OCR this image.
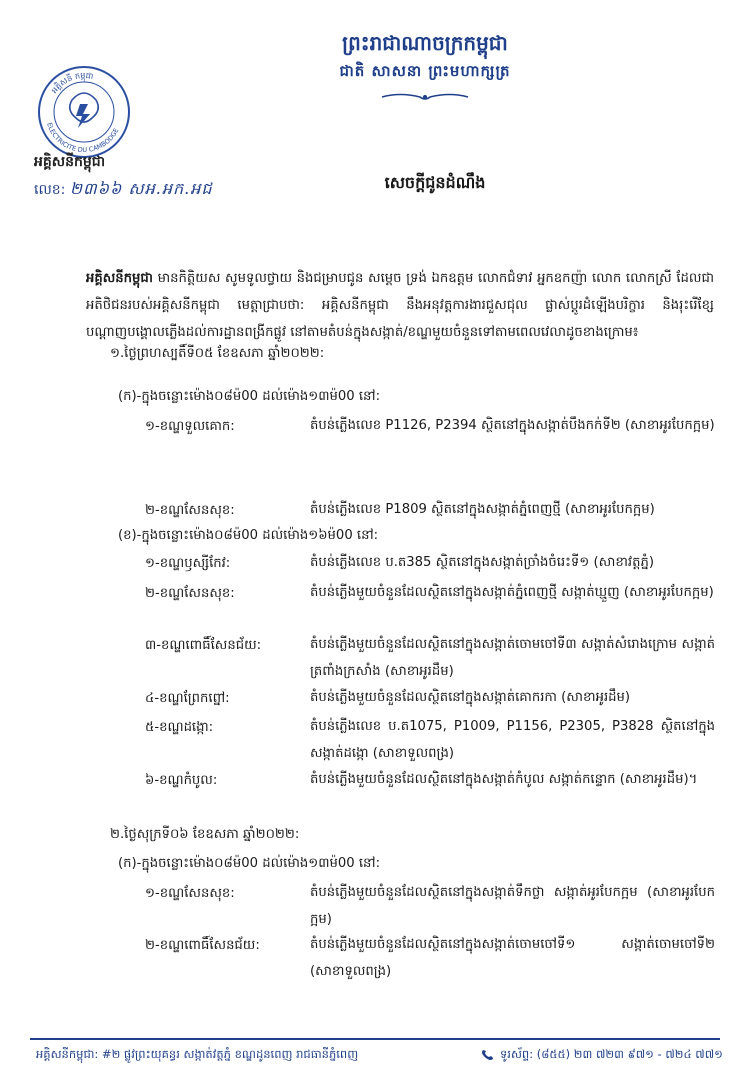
ព្រះរាជាណាចក្រកម្ពុជា
ជាតិ សាសនា ព្រះមហាក្សត្រ
អគ្គិសនី កម្ពុជា
ELECTRICITE DU CAMBODGE
អគ្គិសនីកម្ពុជា
លេខ: ២៣៦៦ សអ.អក.អជ	សេចក្តីជូនដំណឹង
អគ្គិសនីកម្ពុជា មានកិត្តិយស សូមទូលថ្វាយ និងជម្រាបជូន សម្តេច ទ្រង់ ឯកឧត្តម លោកជំទាវ អ្នកឧកញ៉ា លោក លោកស្រី ដែលជាអតិថិជនរបស់អគ្គិសនីកម្ពុជា មេត្តាជ្រាបថា: អគ្គិសនីកម្ពុជា នឹងអនុវត្តការងារជួសជុល ផ្លាស់ប្តូរដំឡើងបរិក្ខារ និងរុះរើខ្សែបណ្តាញបង្គោលភ្លើងដល់ការដ្ឋានពង្រីកផ្លូវ នៅតាមតំបន់ក្នុងសង្កាត់/ខណ្ឌមួយចំនួនទៅតាមពេលវេលាដូចខាងក្រោម៖
១.ថ្ងៃព្រហស្បតិ៍ទី០៥ ខែឧសភា ឆ្នាំ២០២២:
(ក)-ក្នុងចន្លោះម៉ោង០៨ម៉00 ដល់ម៉ោង១៣ម៉00 នៅ:
១-ខណ្ឌទួលគោក:	តំបន់ភ្លើងលេខ P1126, P2394 ស្ថិតនៅក្នុងសង្កាត់បឹងកក់ទី២ (សាខាអូរបែកក្អម)
២-ខណ្ឌសែនសុខ:	តំបន់ភ្លើងលេខ P1809 ស្ថិតនៅក្នុងសង្កាត់ភ្នំពេញថ្មី (សាខាអូរបែកក្អម)
(ខ)-ក្នុងចន្លោះម៉ោង០៨ម៉00 ដល់ម៉ោង១៦ម៉00 នៅ:
១-ខណ្ឌឫស្សីកែវ:	តំបន់ភ្លើងលេខ ប.ត385 ស្ថិតនៅក្នុងសង្កាត់ច្រាំងចំរេះទី១ (សាខាវត្តភ្នំ)
២-ខណ្ឌសែនសុខ:	តំបន់ភ្លើងមួយចំនួនដែលស្ថិតនៅក្នុងសង្កាត់ភ្នំពេញថ្មី សង្កាត់ឃ្មួញ (សាខាអូរបែកក្អម)
៣-ខណ្ឌពោធិ៍សែនជ័យ:	តំបន់ភ្លើងមួយចំនួនដែលស្ថិតនៅក្នុងសង្កាត់ចោមចៅទី៣ សង្កាត់សំរោងក្រោម សង្កាត់ត្រពាំងក្រសាំង (សាខាអូរដឹម)
៤-ខណ្ឌព្រែកព្នៅ:	តំបន់ភ្លើងមួយចំនួនដែលស្ថិតនៅក្នុងសង្កាត់គោករកា (សាខាអូរដឹម)
៥-ខណ្ឌដង្កោ:	តំបន់ភ្លើងលេខ ប.ត1075, P1009, P1156, P2305, P3828 ស្ថិតនៅក្នុងសង្កាត់ដង្កោ (សាខាទួលពង្រ)
៦-ខណ្ឌកំបូល:	តំបន់ភ្លើងមួយចំនួនដែលស្ថិតនៅក្នុងសង្កាត់កំបូល សង្កាត់កន្ទោក (សាខាអូរដឹម)។
២.ថ្ងៃសុក្រទី០៦ ខែឧសភា ឆ្នាំ២០២២:
(ក)-ក្នុងចន្លោះម៉ោង០៨ម៉00 ដល់ម៉ោង១៣ម៉00 នៅ:
១-ខណ្ឌសែនសុខ:	តំបន់ភ្លើងមួយចំនួនដែលស្ថិតនៅក្នុងសង្កាត់ទឹកថ្លា សង្កាត់អូរបែកក្អម (សាខាអូរបែកក្អម)
២-ខណ្ឌពោធិ៍សែនជ័យ:	តំបន់ភ្លើងមួយចំនួនដែលស្ថិតនៅក្នុងសង្កាត់ចោមចៅទី១ សង្កាត់ចោមចៅទី២ (សាខាទួលពង្រ)
អគ្គិសនីកម្ពុជា: #២ ផ្លូវព្រះយុគន្ធរ សង្កាត់វត្តភ្នំ ខណ្ឌដូនពេញ រាជធានីភ្នំពេញ	ទូរស័ព្ទ: (៨៥៥) ២៣ ៧២៣ ៩៧១ - ៧២៤ ៧៧១
